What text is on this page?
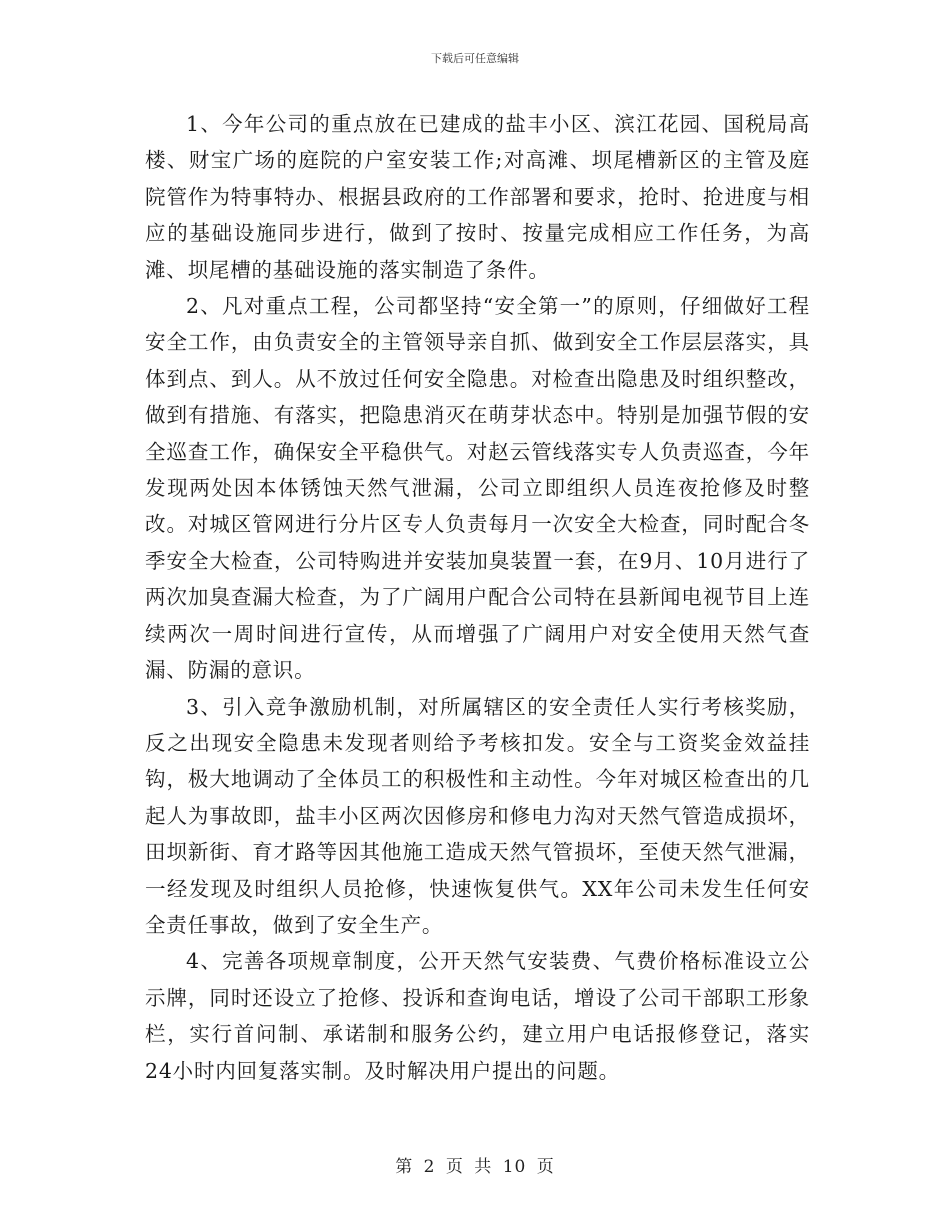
下载后可任意编辑

1、今年公司的重点放在已建成的盐丰小区、滨江花园、国税局高楼、财宝广场的庭院的户室安装工作;对高滩、坝尾槽新区的主管及庭院管作为特事特办、根据县政府的工作部署和要求，抢时、抢进度与相应的基础设施同步进行，做到了按时、按量完成相应工作任务，为高滩、坝尾槽的基础设施的落实制造了条件。

2、凡对重点工程，公司都坚持“安全第一”的原则，仔细做好工程安全工作，由负责安全的主管领导亲自抓、做到安全工作层层落实，具体到点、到人。从不放过任何安全隐患。对检查出隐患及时组织整改，做到有措施、有落实，把隐患消灭在萌芽状态中。特别是加强节假的安全巡查工作，确保安全平稳供气。对赵云管线落实专人负责巡查，今年发现两处因本体锈蚀天然气泄漏，公司立即组织人员连夜抢修及时整改。对城区管网进行分片区专人负责每月一次安全大检查，同时配合冬季安全大检查，公司特购进并安装加臭装置一套，在9月、10月进行了两次加臭查漏大检查，为了广阔用户配合公司特在县新闻电视节目上连续两次一周时间进行宣传，从而增强了广阔用户对安全使用天然气查漏、防漏的意识。

3、引入竞争激励机制，对所属辖区的安全责任人实行考核奖励，反之出现安全隐患未发现者则给予考核扣发。安全与工资奖金效益挂钩，极大地调动了全体员工的积极性和主动性。今年对城区检查出的几起人为事故即，盐丰小区两次因修房和修电力沟对天然气管造成损坏，田坝新街、育才路等因其他施工造成天然气管损坏，至使天然气泄漏，一经发现及时组织人员抢修，快速恢复供气。XX年公司未发生任何安全责任事故，做到了安全生产。

4、完善各项规章制度，公开天然气安装费、气费价格标准设立公示牌，同时还设立了抢修、投诉和查询电话，增设了公司干部职工形象栏，实行首问制、承诺制和服务公约，建立用户电话报修登记，落实24小时内回复落实制。及时解决用户提出的问题。

第 2 页 共 10 页
